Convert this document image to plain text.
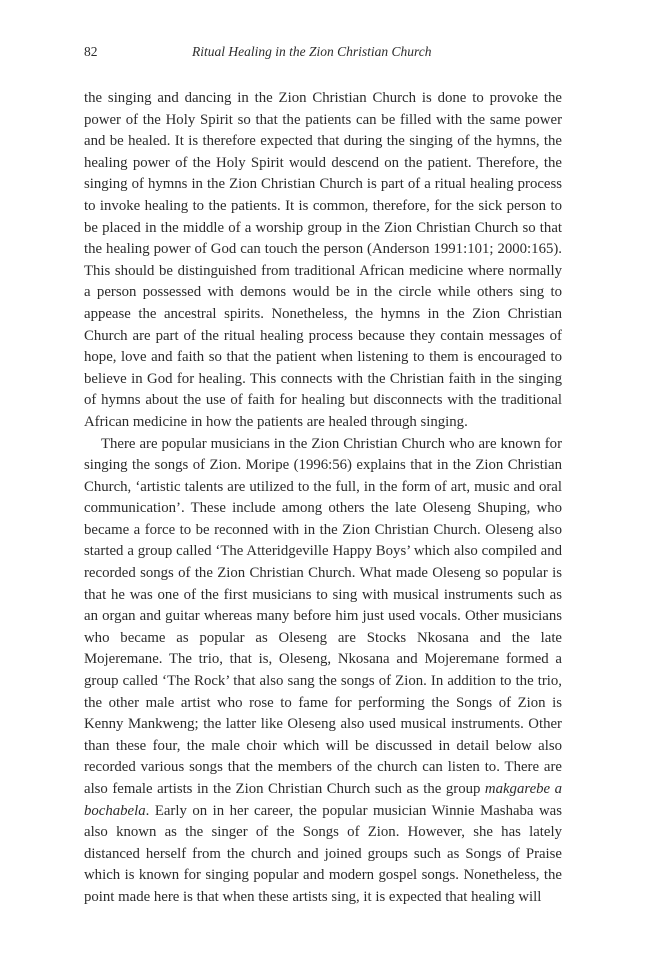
82	Ritual Healing in the Zion Christian Church

the singing and dancing in the Zion Christian Church is done to provoke the power of the Holy Spirit so that the patients can be filled with the same power and be healed. It is therefore expected that during the singing of the hymns, the healing power of the Holy Spirit would descend on the patient. Therefore, the singing of hymns in the Zion Christian Church is part of a ritual healing process to invoke healing to the patients. It is common, therefore, for the sick person to be placed in the middle of a worship group in the Zion Christian Church so that the healing power of God can touch the person (Anderson 1991:101; 2000:165). This should be distinguished from traditional African medicine where normally a person possessed with demons would be in the circle while others sing to appease the ancestral spirits. Nonetheless, the hymns in the Zion Christian Church are part of the ritual healing process because they contain messages of hope, love and faith so that the patient when listening to them is encouraged to believe in God for healing. This connects with the Christian faith in the singing of hymns about the use of faith for healing but disconnects with the traditional African medicine in how the patients are healed through singing.

There are popular musicians in the Zion Christian Church who are known for singing the songs of Zion. Moripe (1996:56) explains that in the Zion Christian Church, ‘artistic talents are utilized to the full, in the form of art, music and oral communication’. These include among others the late Oleseng Shuping, who became a force to be reconned with in the Zion Christian Church. Oleseng also started a group called ‘The Atteridgeville Happy Boys’ which also compiled and recorded songs of the Zion Christian Church. What made Oleseng so popular is that he was one of the first musicians to sing with musical instruments such as an organ and guitar whereas many before him just used vocals. Other musicians who became as popular as Oleseng are Stocks Nkosana and the late Mojeremane. The trio, that is, Oleseng, Nkosana and Mojeremane formed a group called ‘The Rock’ that also sang the songs of Zion. In addition to the trio, the other male artist who rose to fame for performing the Songs of Zion is Kenny Mankweng; the latter like Oleseng also used musical instruments. Other than these four, the male choir which will be discussed in detail below also recorded various songs that the members of the church can listen to. There are also female artists in the Zion Christian Church such as the group makgarebe a bochabela. Early on in her career, the popular musician Winnie Mashaba was also known as the singer of the Songs of Zion. However, she has lately distanced herself from the church and joined groups such as Songs of Praise which is known for singing popular and modern gospel songs. Nonetheless, the point made here is that when these artists sing, it is expected that healing will
